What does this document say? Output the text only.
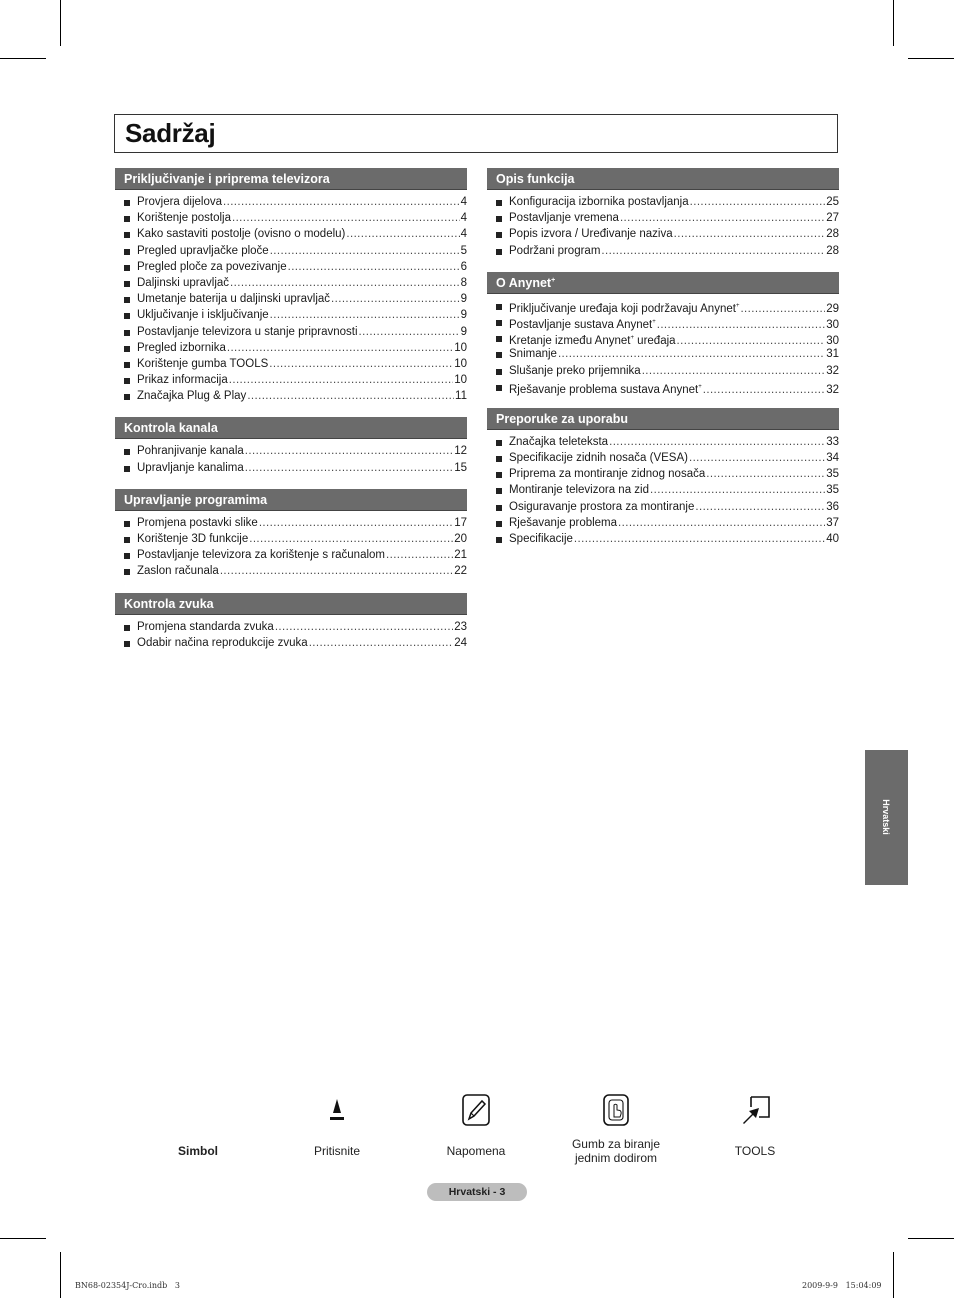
Sadržaj
Priključivanje i priprema televizora
Provjera dijelova .....	4
Korištenje postolja .....	4
Kako sastaviti postolje (ovisno o modelu) .....	4
Pregled upravljačke ploče .....	5
Pregled ploče za povezivanje .....	6
Daljinski upravljač .....	8
Umetanje baterija u daljinski upravljač .....	9
Uključivanje i isključivanje .....	9
Postavljanje televizora u stanje pripravnosti .....	9
Pregled izbornika .....	10
Korištenje gumba TOOLS .....	10
Prikaz informacija .....	10
Značajka Plug & Play .....	11
Kontrola kanala
Pohranjivanje kanala .....	12
Upravljanje kanalima .....	15
Upravljanje programima
Promjena postavki slike .....	17
Korištenje 3D funkcije .....	20
Postavljanje televizora za korištenje s računalom .....	21
Zaslon računala .....	22
Kontrola zvuka
Promjena standarda zvuka .....	23
Odabir načina reprodukcije zvuka .....	24
Opis funkcija
Konfiguracija izbornika postavljanja .....	25
Postavljanje vremena .....	27
Popis izvora / Uređivanje naziva .....	28
Podržani program .....	28
O Anynet+
Priključivanje uređaja koji podržavaju Anynet+ .....	29
Postavljanje sustava Anynet+ .....	30
Kretanje između Anynet+ uređaja .....	30
Snimanje .....	31
Slušanje preko prijemnika .....	32
Rješavanje problema sustava Anynet+ .....	32
Preporuke za uporabu
Značajka teleteksta .....	33
Specifikacije zidnih nosača (VESA) .....	34
Priprema za montiranje zidnog nosača .....	35
Montiranje televizora na zid .....	35
Osiguravanje prostora za montiranje .....	36
Rješavanje problema .....	37
Specifikacije .....	40
Hrvatski
Simbol	Pritisnite	Napomena	Gumb za biranje
jednim dodirom	TOOLS
Hrvatski - 3
BN68-02354J-Cro.indb   3	2009-9-9   15:04:09
